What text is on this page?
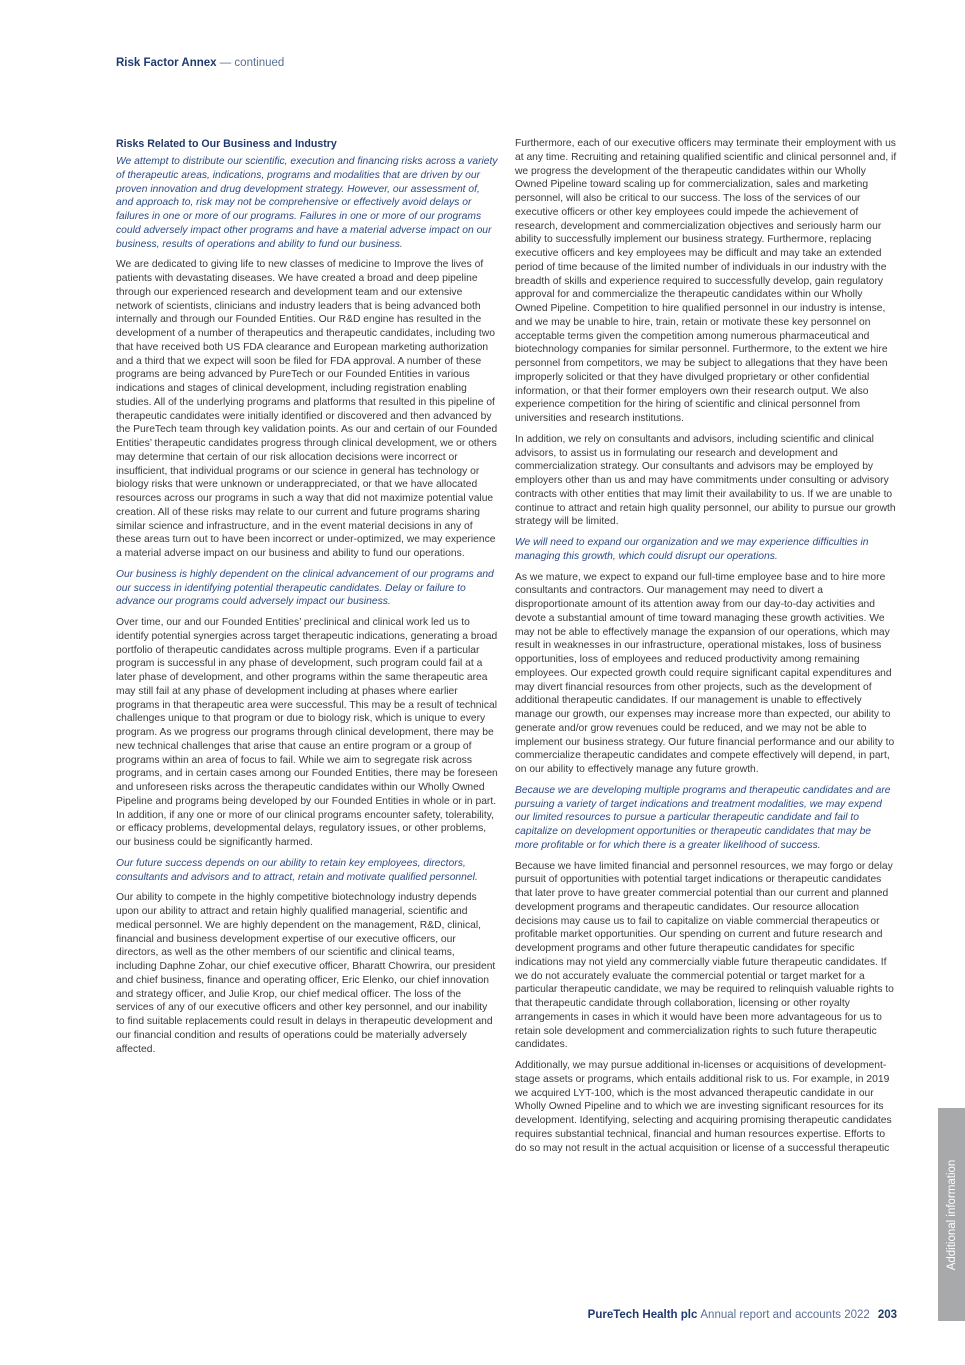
Risk Factor Annex — continued
Risks Related to Our Business and Industry

We attempt to distribute our scientific, execution and financing risks across a variety of therapeutic areas, indications, programs and modalities that are driven by our proven innovation and drug development strategy. However, our assessment of, and approach to, risk may not be comprehensive or effectively avoid delays or failures in one or more of our programs. Failures in one or more of our programs could adversely impact other programs and have a material adverse impact on our business, results of operations and ability to fund our business.

We are dedicated to giving life to new classes of medicine to Improve the lives of patients with devastating diseases. We have created a broad and deep pipeline through our experienced research and development team and our extensive network of scientists, clinicians and industry leaders that is being advanced both internally and through our Founded Entities. Our R&D engine has resulted in the development of a number of therapeutics and therapeutic candidates, including two that have received both US FDA clearance and European marketing authorization and a third that we expect will soon be filed for FDA approval. A number of these programs are being advanced by PureTech or our Founded Entities in various indications and stages of clinical development, including registration enabling studies. All of the underlying programs and platforms that resulted in this pipeline of therapeutic candidates were initially identified or discovered and then advanced by the PureTech team through key validation points. As our and certain of our Founded Entities’ therapeutic candidates progress through clinical development, we or others may determine that certain of our risk allocation decisions were incorrect or insufficient, that individual programs or our science in general has technology or biology risks that were unknown or underappreciated, or that we have allocated resources across our programs in such a way that did not maximize potential value creation. All of these risks may relate to our current and future programs sharing similar science and infrastructure, and in the event material decisions in any of these areas turn out to have been incorrect or under-optimized, we may experience a material adverse impact on our business and ability to fund our operations.

Our business is highly dependent on the clinical advancement of our programs and our success in identifying potential therapeutic candidates. Delay or failure to advance our programs could adversely impact our business.

Over time, our and our Founded Entities’ preclinical and clinical work led us to identify potential synergies across target therapeutic indications, generating a broad portfolio of therapeutic candidates across multiple programs. Even if a particular program is successful in any phase of development, such program could fail at a later phase of development, and other programs within the same therapeutic area may still fail at any phase of development including at phases where earlier programs in that therapeutic area were successful. This may be a result of technical challenges unique to that program or due to biology risk, which is unique to every program. As we progress our programs through clinical development, there may be new technical challenges that arise that cause an entire program or a group of programs within an area of focus to fail. While we aim to segregate risk across programs, and in certain cases among our Founded Entities, there may be foreseen and unforeseen risks across the therapeutic candidates within our Wholly Owned Pipeline and programs being developed by our Founded Entities in whole or in part. In addition, if any one or more of our clinical programs encounter safety, tolerability, or efficacy problems, developmental delays, regulatory issues, or other problems, our business could be significantly harmed.

Our future success depends on our ability to retain key employees, directors, consultants and advisors and to attract, retain and motivate qualified personnel.

Our ability to compete in the highly competitive biotechnology industry depends upon our ability to attract and retain highly qualified managerial, scientific and medical personnel. We are highly dependent on the management, R&D, clinical, financial and business development expertise of our executive officers, our directors, as well as the other members of our scientific and clinical teams, including Daphne Zohar, our chief executive officer, Bharatt Chowrira, our president and chief business, finance and operating officer, Eric Elenko, our chief innovation and strategy officer, and Julie Krop, our chief medical officer. The loss of the services of any of our executive officers and other key personnel, and our inability to find suitable replacements could result in delays in therapeutic development and our financial condition and results of operations could be materially adversely affected.

Furthermore, each of our executive officers may terminate their employment with us at any time. Recruiting and retaining qualified scientific and clinical personnel and, if we progress the development of the therapeutic candidates within our Wholly Owned Pipeline toward scaling up for commercialization, sales and marketing personnel, will also be critical to our success. The loss of the services of our executive officers or other key employees could impede the achievement of research, development and commercialization objectives and seriously harm our ability to successfully implement our business strategy. Furthermore, replacing executive officers and key employees may be difficult and may take an extended period of time because of the limited number of individuals in our industry with the breadth of skills and experience required to successfully develop, gain regulatory approval for and commercialize the therapeutic candidates within our Wholly Owned Pipeline. Competition to hire qualified personnel in our industry is intense, and we may be unable to hire, train, retain or motivate these key personnel on acceptable terms given the competition among numerous pharmaceutical and biotechnology companies for similar personnel. Furthermore, to the extent we hire personnel from competitors, we may be subject to allegations that they have been improperly solicited or that they have divulged proprietary or other confidential information, or that their former employers own their research output. We also experience competition for the hiring of scientific and clinical personnel from universities and research institutions.

In addition, we rely on consultants and advisors, including scientific and clinical advisors, to assist us in formulating our research and development and commercialization strategy. Our consultants and advisors may be employed by employers other than us and may have commitments under consulting or advisory contracts with other entities that may limit their availability to us. If we are unable to continue to attract and retain high quality personnel, our ability to pursue our growth strategy will be limited.

We will need to expand our organization and we may experience difficulties in managing this growth, which could disrupt our operations.

As we mature, we expect to expand our full-time employee base and to hire more consultants and contractors. Our management may need to divert a disproportionate amount of its attention away from our day-to-day activities and devote a substantial amount of time toward managing these growth activities. We may not be able to effectively manage the expansion of our operations, which may result in weaknesses in our infrastructure, operational mistakes, loss of business opportunities, loss of employees and reduced productivity among remaining employees. Our expected growth could require significant capital expenditures and may divert financial resources from other projects, such as the development of additional therapeutic candidates. If our management is unable to effectively manage our growth, our expenses may increase more than expected, our ability to generate and/or grow revenues could be reduced, and we may not be able to implement our business strategy. Our future financial performance and our ability to commercialize therapeutic candidates and compete effectively will depend, in part, on our ability to effectively manage any future growth.

Because we are developing multiple programs and therapeutic candidates and are pursuing a variety of target indications and treatment modalities, we may expend our limited resources to pursue a particular therapeutic candidate and fail to capitalize on development opportunities or therapeutic candidates that may be more profitable or for which there is a greater likelihood of success.

Because we have limited financial and personnel resources, we may forgo or delay pursuit of opportunities with potential target indications or therapeutic candidates that later prove to have greater commercial potential than our current and planned development programs and therapeutic candidates. Our resource allocation decisions may cause us to fail to capitalize on viable commercial therapeutics or profitable market opportunities. Our spending on current and future research and development programs and other future therapeutic candidates for specific indications may not yield any commercially viable future therapeutic candidates. If we do not accurately evaluate the commercial potential or target market for a particular therapeutic candidate, we may be required to relinquish valuable rights to that therapeutic candidate through collaboration, licensing or other royalty arrangements in cases in which it would have been more advantageous for us to retain sole development and commercialization rights to such future therapeutic candidates.

Additionally, we may pursue additional in-licenses or acquisitions of development-stage assets or programs, which entails additional risk to us. For example, in 2019 we acquired LYT-100, which is the most advanced therapeutic candidate in our Wholly Owned Pipeline and to which we are investing significant resources for its development. Identifying, selecting and acquiring promising therapeutic candidates requires substantial technical, financial and human resources expertise. Efforts to do so may not result in the actual acquisition or license of a successful therapeutic

Additional information
PureTech Health plc Annual report and accounts 2022 203
